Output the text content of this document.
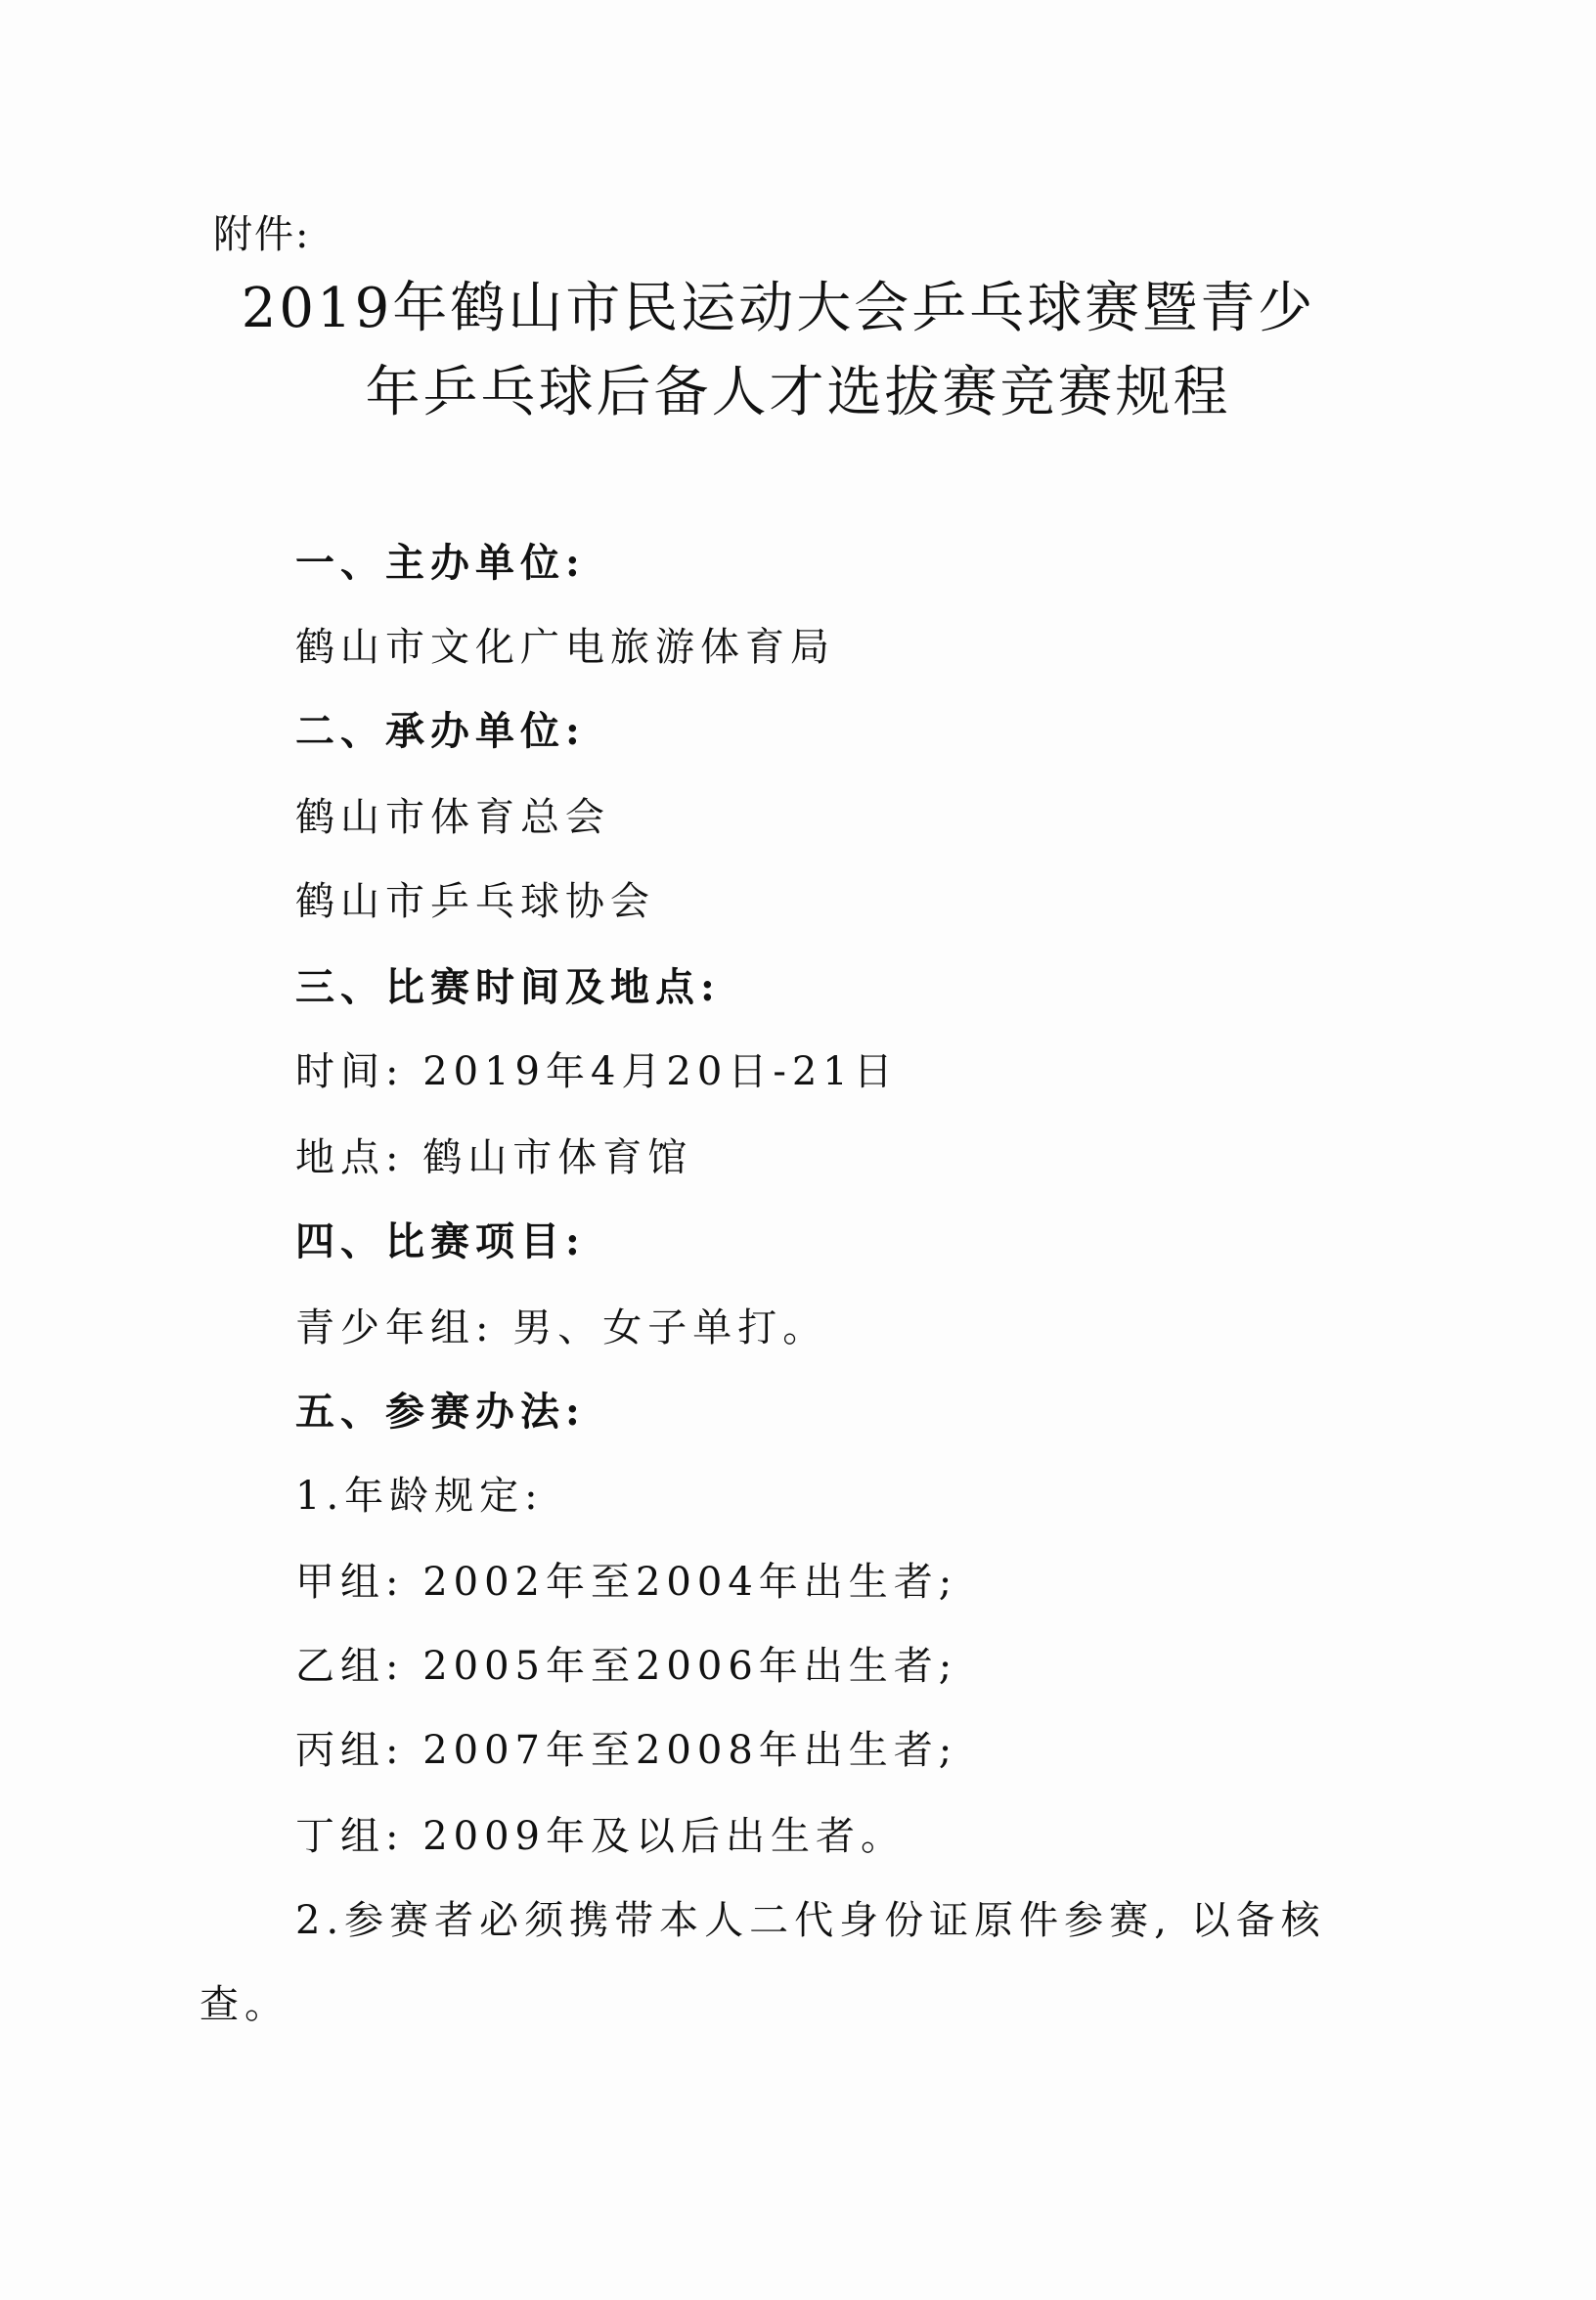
附件:
2019年鹤山市民运动大会乒乓球赛暨青少
年乒乓球后备人才选拔赛竞赛规程
一、主办单位:
鹤山市文化广电旅游体育局
二、承办单位:
鹤山市体育总会
鹤山市乒乓球协会
三、比赛时间及地点:
时间: 2019年4月20日-21日
地点: 鹤山市体育馆
四、比赛项目:
青少年组: 男、女子单打。
五、参赛办法:
1.年龄规定:
甲组: 2002年至2004年出生者;
乙组: 2005年至2006年出生者;
丙组: 2007年至2008年出生者;
丁组: 2009年及以后出生者。
2.参赛者必须携带本人二代身份证原件参赛, 以备核
查。
